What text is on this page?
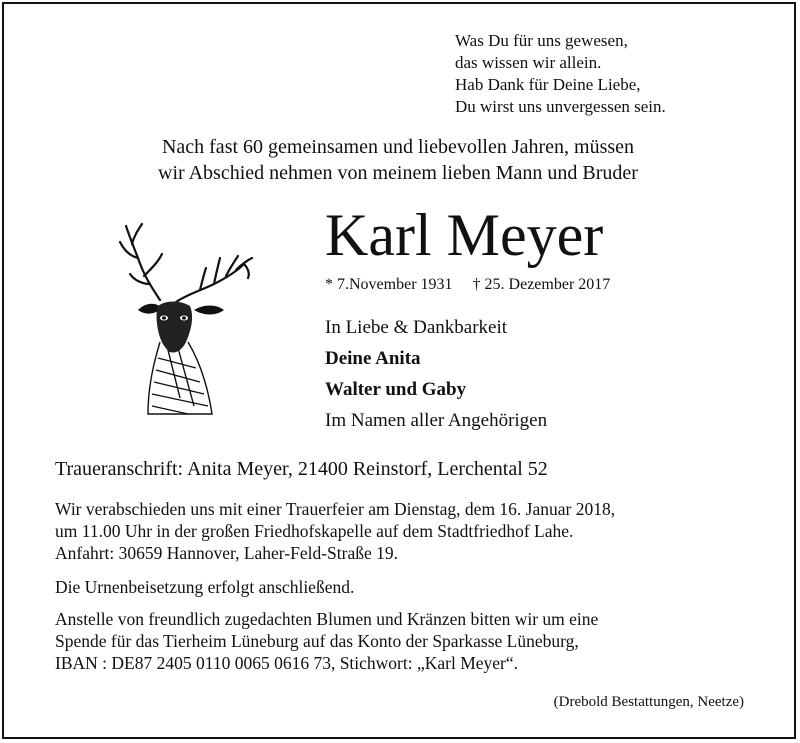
Was Du für uns gewesen,
das wissen wir allein.
Hab Dank für Deine Liebe,
Du wirst uns unvergessen sein.
Nach fast 60 gemeinsamen und liebevollen Jahren, müssen
wir Abschied nehmen von meinem lieben Mann und Bruder
Karl Meyer
* 7.November 1931 † 25. Dezember 2017
In Liebe & Dankbarkeit
Deine Anita
Walter und Gaby
Im Namen aller Angehörigen
Traueranschrift: Anita Meyer, 21400 Reinstorf, Lerchental 52
Wir verabschieden uns mit einer Trauerfeier am Dienstag, dem 16. Januar 2018,
um 11.00 Uhr in der großen Friedhofskapelle auf dem Stadtfriedhof Lahe.
Anfahrt: 30659 Hannover, Laher-Feld-Straße 19.
Die Urnenbeisetzung erfolgt anschließend.
Anstelle von freundlich zugedachten Blumen und Kränzen bitten wir um eine
Spende für das Tierheim Lüneburg auf das Konto der Sparkasse Lüneburg,
IBAN : DE87 2405 0110 0065 0616 73, Stichwort: „Karl Meyer“.
(Drebold Bestattungen, Neetze)
